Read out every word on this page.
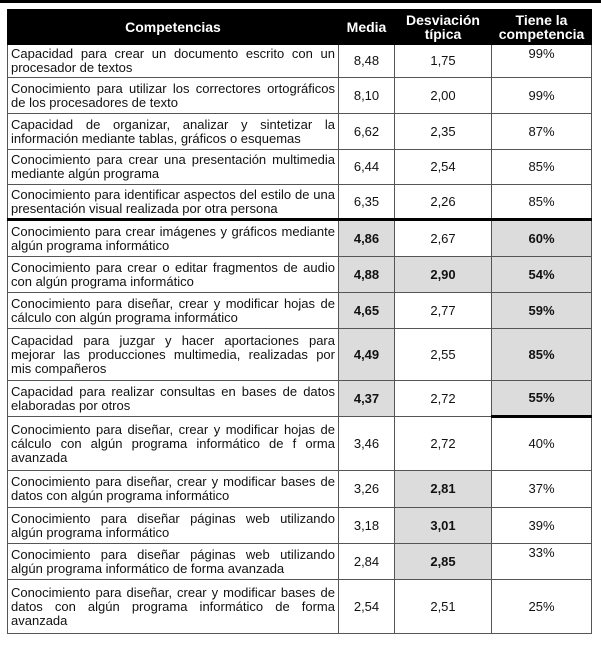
Competencias	Media	Desviación típica	Tiene la competencia
Capacidad para crear un documento escrito con un procesador de textos	8,48	1,75	99%
Conocimiento para utilizar los correctores ortográficos de los procesadores de texto	8,10	2,00	99%
Capacidad de organizar, analizar y sintetizar la información mediante tablas, gráficos o esquemas	6,62	2,35	87%
Conocimiento para crear una presentación multimedia mediante algún programa	6,44	2,54	85%
Conocimiento para identificar aspectos del estilo de una presentación visual realizada por otra persona	6,35	2,26	85%
Conocimiento para crear imágenes y gráficos mediante algún programa informático	4,86	2,67	60%
Conocimiento para crear o editar fragmentos de audio con algún programa informático	4,88	2,90	54%
Conocimiento para diseñar, crear y modificar hojas de cálculo con algún programa informático	4,65	2,77	59%
Capacidad para juzgar y hacer aportaciones para mejorar las producciones multimedia, realizadas por mis compañeros	4,49	2,55	85%
Capacidad para realizar consultas en bases de datos elaboradas por otros	4,37	2,72	55%
Conocimiento para diseñar, crear y modificar hojas de cálculo con algún programa informático de f orma avanzada	3,46	2,72	40%
Conocimiento para diseñar, crear y modificar bases de datos con algún programa informático	3,26	2,81	37%
Conocimiento para diseñar páginas web utilizando algún programa informático	3,18	3,01	39%
Conocimiento para diseñar páginas web utilizando algún programa informático de forma avanzada	2,84	2,85	33%
Conocimiento para diseñar, crear y modificar bases de datos con algún programa informático de forma avanzada	2,54	2,51	25%
